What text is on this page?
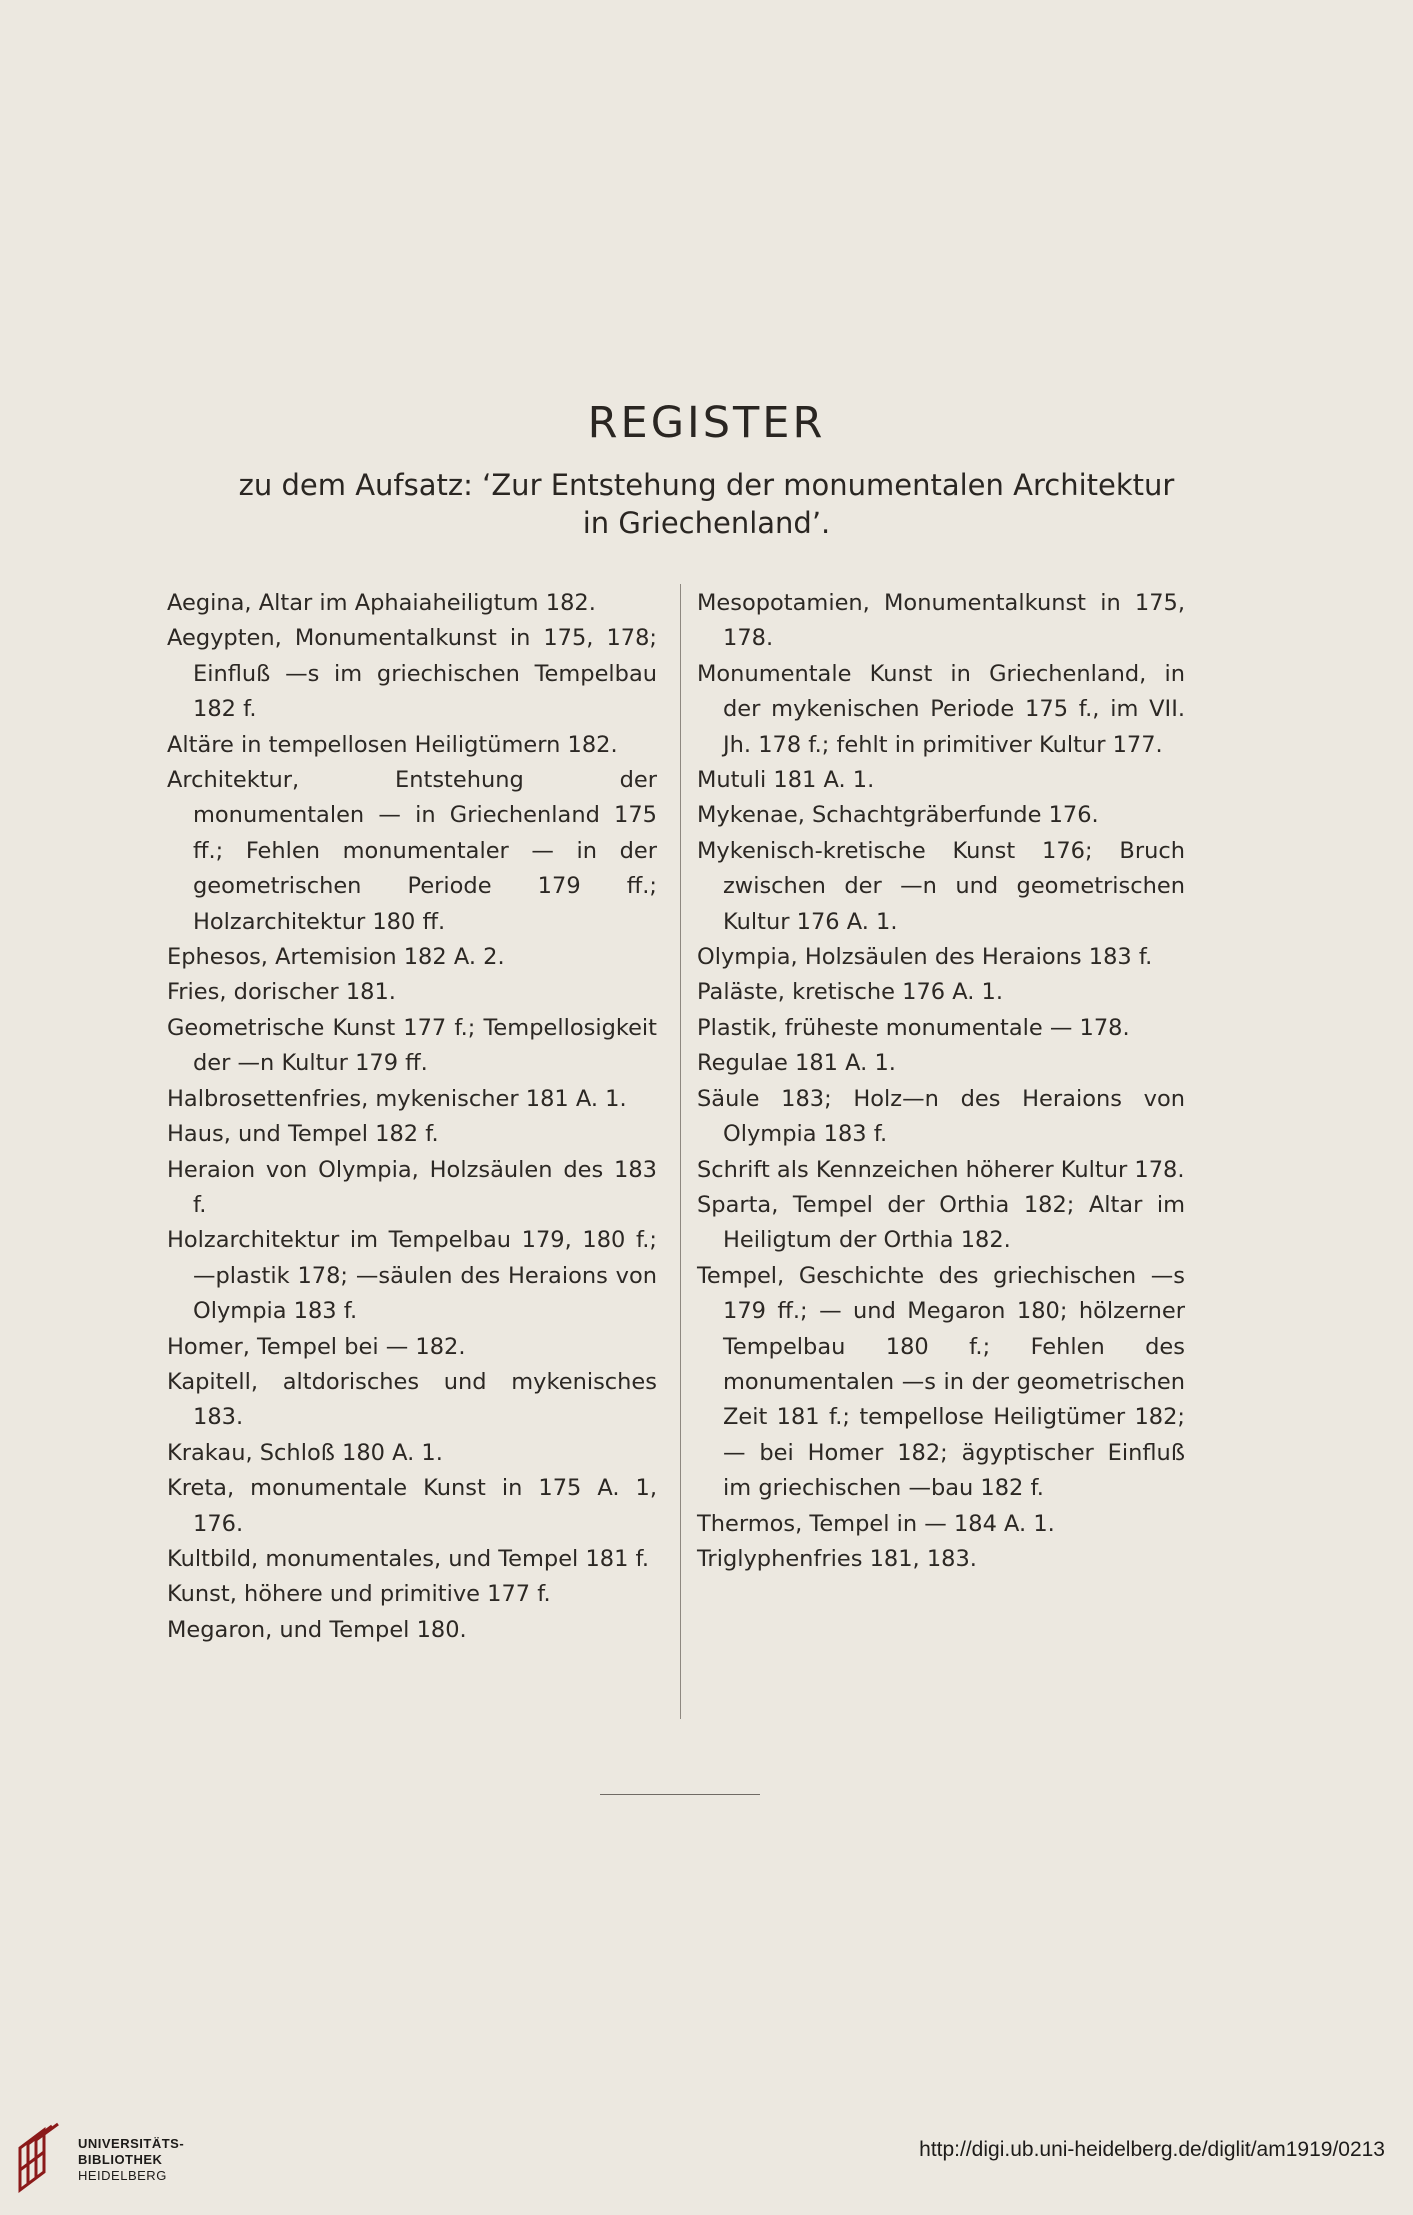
REGISTER
zu dem Aufsatz: ‘Zur Entstehung der monumentalen Architektur
in Griechenland’.

Aegina, Altar im Aphaiaheiligtum 182.

Aegypten, Monumentalkunst in 175, 178; Einfluß —s im griechischen Tempelbau 182 f.

Altäre in tempellosen Heiligtümern 182.

Architektur, Entstehung der monumentalen — in Griechenland 175 ff.; Fehlen monumentaler — in der geometrischen Periode 179 ff.; Holzarchitektur 180 ff.

Ephesos, Artemision 182 A. 2.

Fries, dorischer 181.

Geometrische Kunst 177 f.; Tempellosigkeit der —n Kultur 179 ff.

Halbrosettenfries, mykenischer 181 A. 1.

Haus, und Tempel 182 f.

Heraion von Olympia, Holzsäulen des 183 f.

Holzarchitektur im Tempelbau 179, 180 f.; —plastik 178; —säulen des Heraions von Olympia 183 f.

Homer, Tempel bei — 182.

Kapitell, altdorisches und mykenisches 183.

Krakau, Schloß 180 A. 1.

Kreta, monumentale Kunst in 175 A. 1, 176.

Kultbild, monumentales, und Tempel 181 f.

Kunst, höhere und primitive 177 f.

Megaron, und Tempel 180.

Mesopotamien, Monumentalkunst in 175, 178.

Monumentale Kunst in Griechenland, in der mykenischen Periode 175 f., im VII. Jh. 178 f.; fehlt in primitiver Kultur 177.

Mutuli 181 A. 1.

Mykenae, Schachtgräberfunde 176.

Mykenisch-kretische Kunst 176; Bruch zwischen der —n und geometrischen Kultur 176 A. 1.

Olympia, Holzsäulen des Heraions 183 f.

Paläste, kretische 176 A. 1.

Plastik, früheste monumentale — 178.

Regulae 181 A. 1.

Säule 183; Holz—n des Heraions von Olympia 183 f.

Schrift als Kennzeichen höherer Kultur 178.

Sparta, Tempel der Orthia 182; Altar im Heiligtum der Orthia 182.

Tempel, Geschichte des griechischen —s 179 ff.; — und Megaron 180; hölzerner Tempelbau 180 f.; Fehlen des monumentalen —s in der geometrischen Zeit 181 f.; tempellose Heiligtümer 182; — bei Homer 182; ägyptischer Einfluß im griechischen —bau 182 f.

Thermos, Tempel in — 184 A. 1.

Triglyphenfries 181, 183.

UNIVERSITÄTS-
BIBLIOTHEK
HEIDELBERG
http://digi.ub.uni-heidelberg.de/diglit/am1919/0213
